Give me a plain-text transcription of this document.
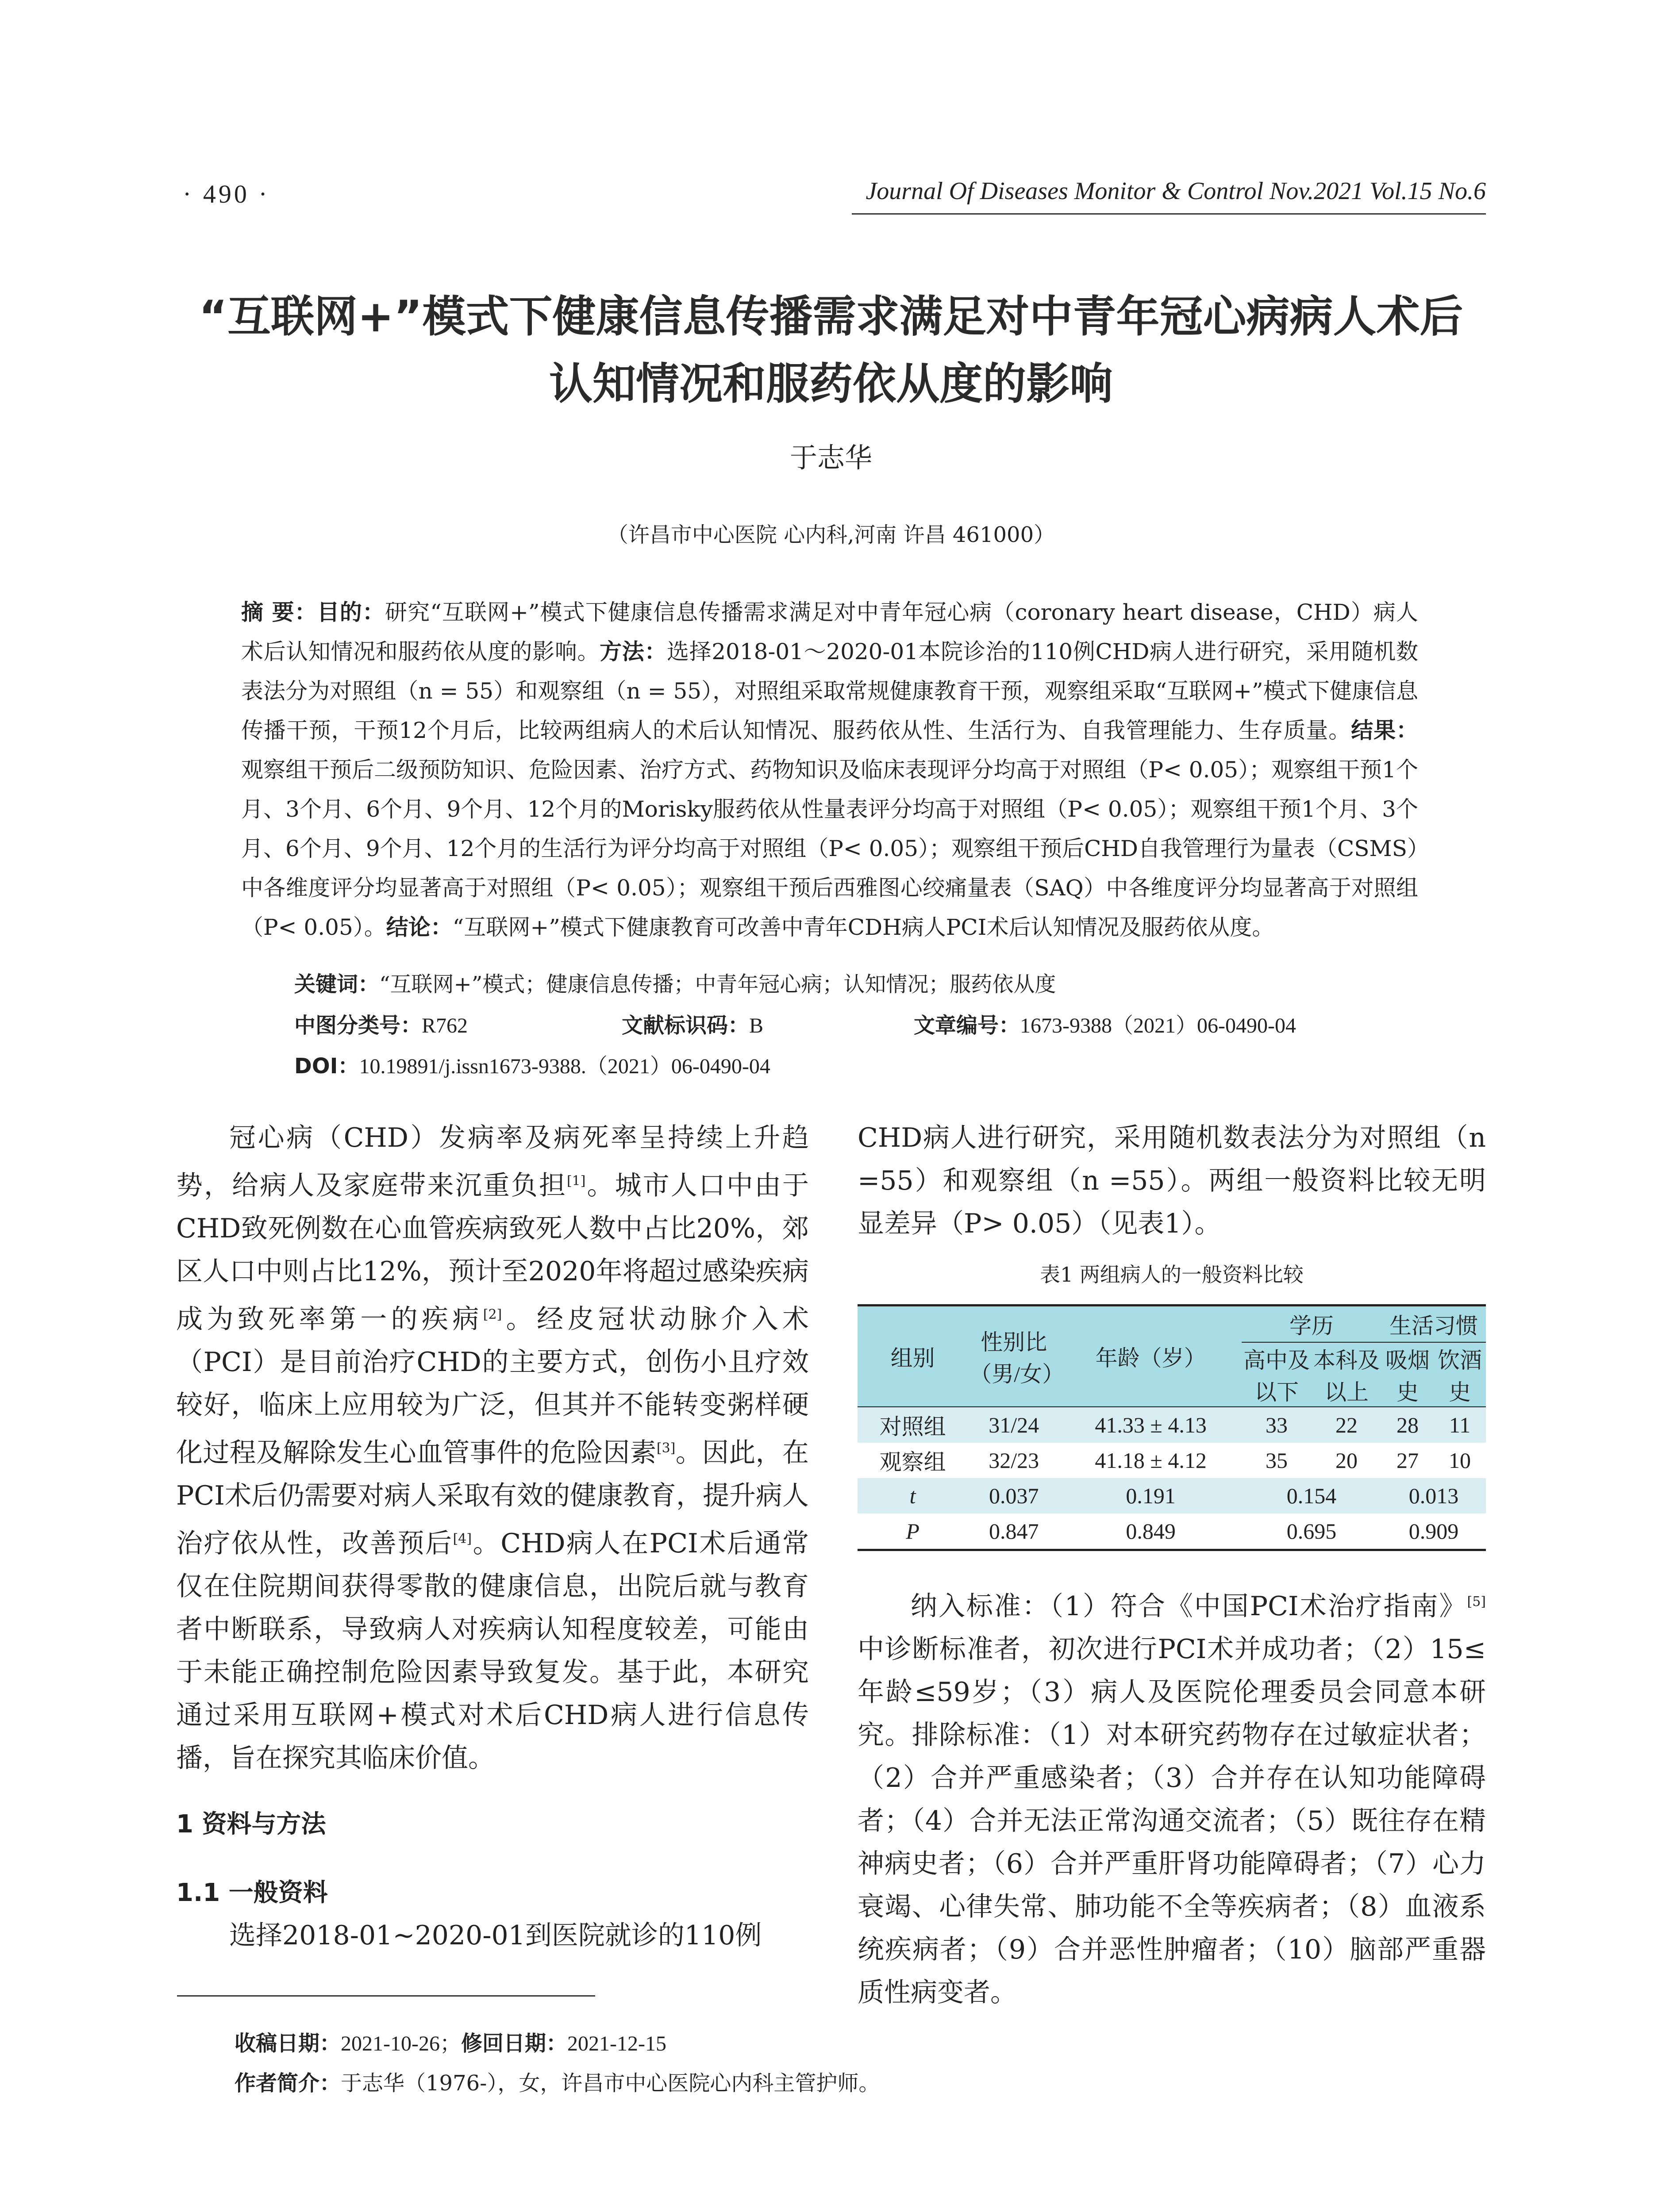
· 490 ·	Journal Of Diseases Monitor & Control Nov.2021 Vol.15 No.6
“互联网+”模式下健康信息传播需求满足对中青年冠心病病人术后
认知情况和服药依从度的影响
于志华
（许昌市中心医院 心内科,河南 许昌 461000）
摘 要：目的：研究“互联网+”模式下健康信息传播需求满足对中青年冠心病（coronary heart disease，CHD）病人术后认知情况和服药依从度的影响。方法：选择2018-01～2020-01本院诊治的110例CHD病人进行研究，采用随机数表法分为对照组（n = 55）和观察组（n = 55），对照组采取常规健康教育干预，观察组采取“互联网+”模式下健康信息传播干预，干预12个月后，比较两组病人的术后认知情况、服药依从性、生活行为、自我管理能力、生存质量。结果：观察组干预后二级预防知识、危险因素、治疗方式、药物知识及临床表现评分均高于对照组（P< 0.05）；观察组干预1个月、3个月、6个月、9个月、12个月的Morisky服药依从性量表评分均高于对照组（P< 0.05）；观察组干预1个月、3个月、6个月、9个月、12个月的生活行为评分均高于对照组（P< 0.05）；观察组干预后CHD自我管理行为量表（CSMS）中各维度评分均显著高于对照组（P< 0.05）；观察组干预后西雅图心绞痛量表（SAQ）中各维度评分均显著高于对照组（P< 0.05）。结论：“互联网+”模式下健康教育可改善中青年CDH病人PCI术后认知情况及服药依从度。
关键词：“互联网+”模式；健康信息传播；中青年冠心病；认知情况；服药依从度
中图分类号：R762	文献标识码：B	文章编号：1673-9388（2021）06-0490-04
DOI：10.19891/j.issn1673-9388.（2021）06-0490-04

冠心病（CHD）发病率及病死率呈持续上升趋势，给病人及家庭带来沉重负担[1]。城市人口中由于CHD致死例数在心血管疾病致死人数中占比20%，郊区人口中则占比12%，预计至2020年将超过感染疾病成为致死率第一的疾病[2]。经皮冠状动脉介入术（PCI）是目前治疗CHD的主要方式，创伤小且疗效较好，临床上应用较为广泛，但其并不能转变粥样硬化过程及解除发生心血管事件的危险因素[3]。因此，在PCI术后仍需要对病人采取有效的健康教育，提升病人治疗依从性，改善预后[4]。CHD病人在PCI术后通常仅在住院期间获得零散的健康信息，出院后就与教育者中断联系，导致病人对疾病认知程度较差，可能由于未能正确控制危险因素导致复发。基于此，本研究通过采用互联网+模式对术后CHD病人进行信息传播，旨在探究其临床价值。

1 资料与方法

1.1 一般资料

选择2018-01~2020-01到医院就诊的110例

CHD病人进行研究，采用随机数表法分为对照组（n =55）和观察组（n =55）。两组一般资料比较无明显差异（P> 0.05）（见表1）。

表1 两组病人的一般资料比较
组别	性别比（男/女）	年龄（岁）	学历		生活习惯	
			高中及以下	本科及以上	吸烟史	饮酒史
对照组	31/24	41.33 ± 4.13	33	22	28	11
观察组	32/23	41.18 ± 4.12	35	20	27	10
t	0.037	0.191	0.154		0.013	
P	0.847	0.849	0.695		0.909	

纳入标准：（1）符合《中国PCI术治疗指南》[5]中诊断标准者，初次进行PCI术并成功者；（2）15≤年龄≤59岁；（3）病人及医院伦理委员会同意本研究。排除标准：（1）对本研究药物存在过敏症状者；（2）合并严重感染者；（3）合并存在认知功能障碍者；（4）合并无法正常沟通交流者；（5）既往存在精神病史者；（6）合并严重肝肾功能障碍者；（7）心力衰竭、心律失常、肺功能不全等疾病者；（8）血液系统疾病者；（9）合并恶性肿瘤者；（10）脑部严重器质性病变者。

收稿日期：2021-10-26；修回日期：2021-12-15
作者简介：于志华（1976-），女，许昌市中心医院心内科主管护师。
